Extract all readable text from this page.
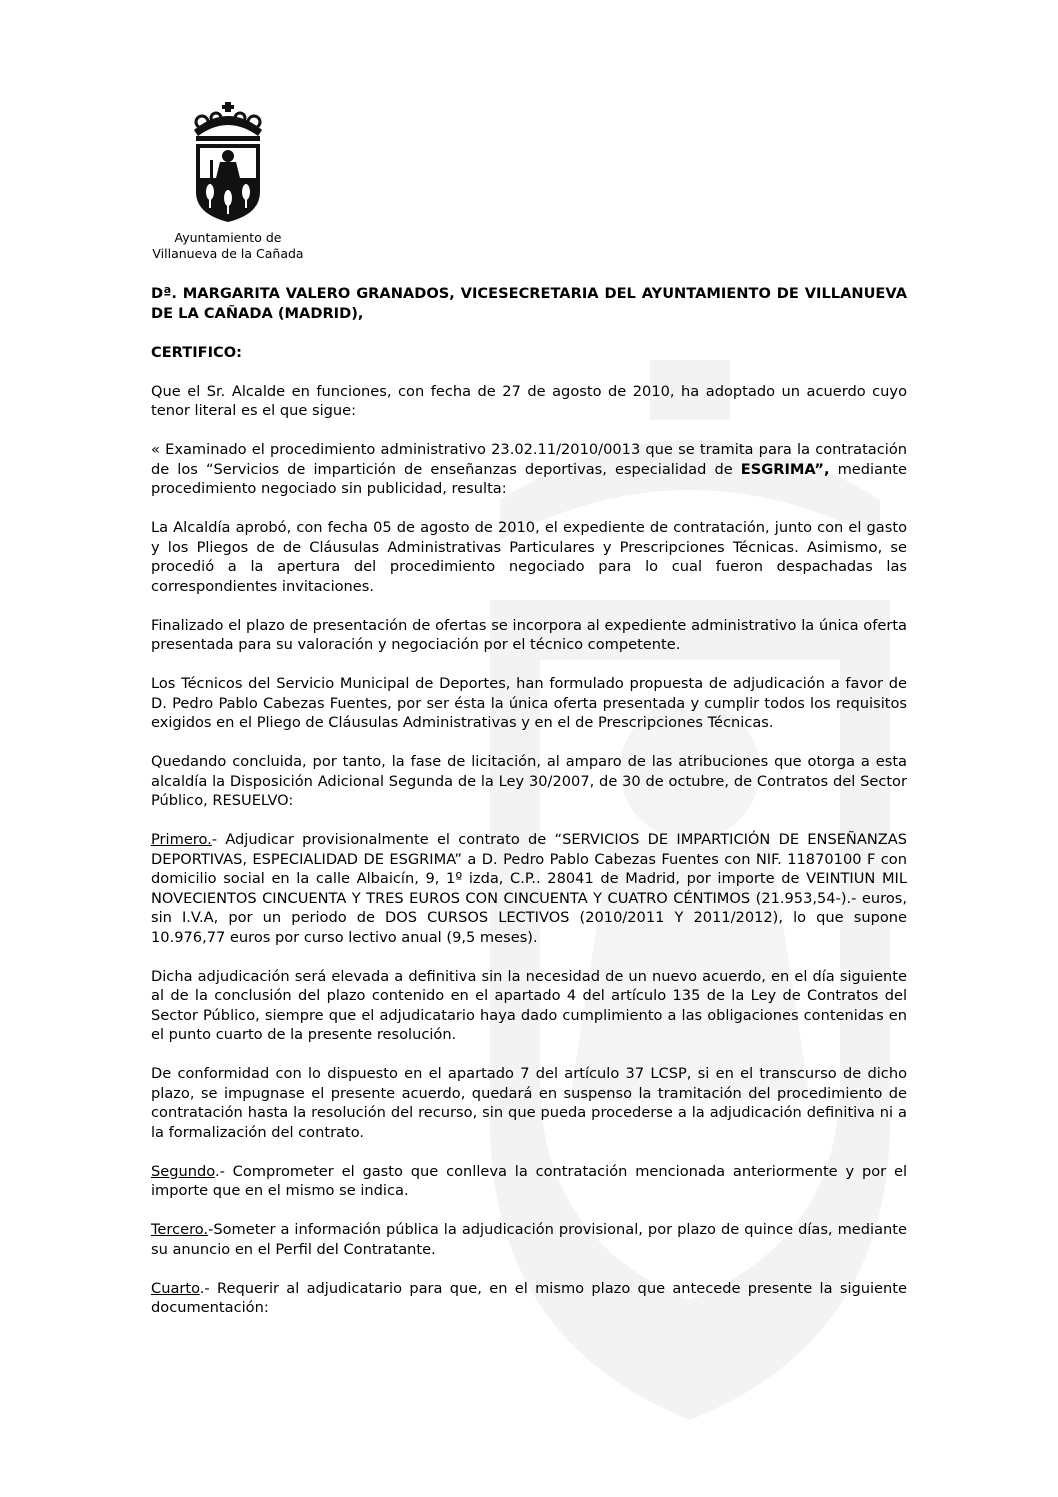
Ayuntamiento de
Villanueva de la Cañada

Dª. MARGARITA VALERO GRANADOS, VICESECRETARIA DEL AYUNTAMIENTO DE VILLANUEVA DE LA CAÑADA (MADRID),

CERTIFICO:

Que el Sr. Alcalde en funciones, con fecha de 27 de agosto de 2010, ha adoptado un acuerdo cuyo tenor literal es el que sigue:

« Examinado el procedimiento administrativo 23.02.11/2010/0013 que se tramita para la contratación de los “Servicios de impartición de enseñanzas deportivas, especialidad de ESGRIMA”, mediante procedimiento negociado sin publicidad, resulta:

La Alcaldía aprobó, con fecha 05 de agosto de 2010, el expediente de contratación, junto con el gasto y los Pliegos de de Cláusulas Administrativas Particulares y Prescripciones Técnicas. Asimismo, se procedió a la apertura del procedimiento negociado para lo cual fueron despachadas las correspondientes invitaciones.

Finalizado el plazo de presentación de ofertas se incorpora al expediente administrativo la única oferta presentada para su valoración y negociación por el técnico competente.

Los Técnicos del Servicio Municipal de Deportes, han formulado propuesta de adjudicación a favor de D. Pedro Pablo Cabezas Fuentes, por ser ésta la única oferta presentada y cumplir todos los requisitos exigidos en el Pliego de Cláusulas Administrativas y en el de Prescripciones Técnicas.

Quedando concluida, por tanto, la fase de licitación, al amparo de las atribuciones que otorga a esta alcaldía la Disposición Adicional Segunda de la Ley 30/2007, de 30 de octubre, de Contratos del Sector Público, RESUELVO:

Primero.- Adjudicar provisionalmente el contrato de “SERVICIOS DE IMPARTICIÓN DE ENSEÑANZAS DEPORTIVAS, ESPECIALIDAD DE ESGRIMA” a D. Pedro Pablo Cabezas Fuentes con NIF. 11870100 F con domicilio social en la calle Albaicín, 9, 1º izda, C.P.. 28041 de Madrid, por importe de VEINTIUN MIL NOVECIENTOS CINCUENTA Y TRES EUROS CON CINCUENTA Y CUATRO CÉNTIMOS (21.953,54-).- euros, sin I.V.A, por un periodo de DOS CURSOS LECTIVOS (2010/2011 Y 2011/2012), lo que supone 10.976,77 euros por curso lectivo anual (9,5 meses).

Dicha adjudicación será elevada a definitiva sin la necesidad de un nuevo acuerdo, en el día siguiente al de la conclusión del plazo contenido en el apartado 4 del artículo 135 de la Ley de Contratos del Sector Público, siempre que el adjudicatario haya dado cumplimiento a las obligaciones contenidas en el punto cuarto de la presente resolución.

De conformidad con lo dispuesto en el apartado 7 del artículo 37 LCSP, si en el transcurso de dicho plazo, se impugnase el presente acuerdo, quedará en suspenso la tramitación del procedimiento de contratación hasta la resolución del recurso, sin que pueda procederse a la adjudicación definitiva ni a la formalización del contrato.

Segundo.- Comprometer el gasto que conlleva la contratación mencionada anteriormente y por el importe que en el mismo se indica.

Tercero.-Someter a información pública la adjudicación provisional, por plazo de quince días, mediante su anuncio en el Perfil del Contratante.

Cuarto.- Requerir al adjudicatario para que, en el mismo plazo que antecede presente la siguiente documentación:
